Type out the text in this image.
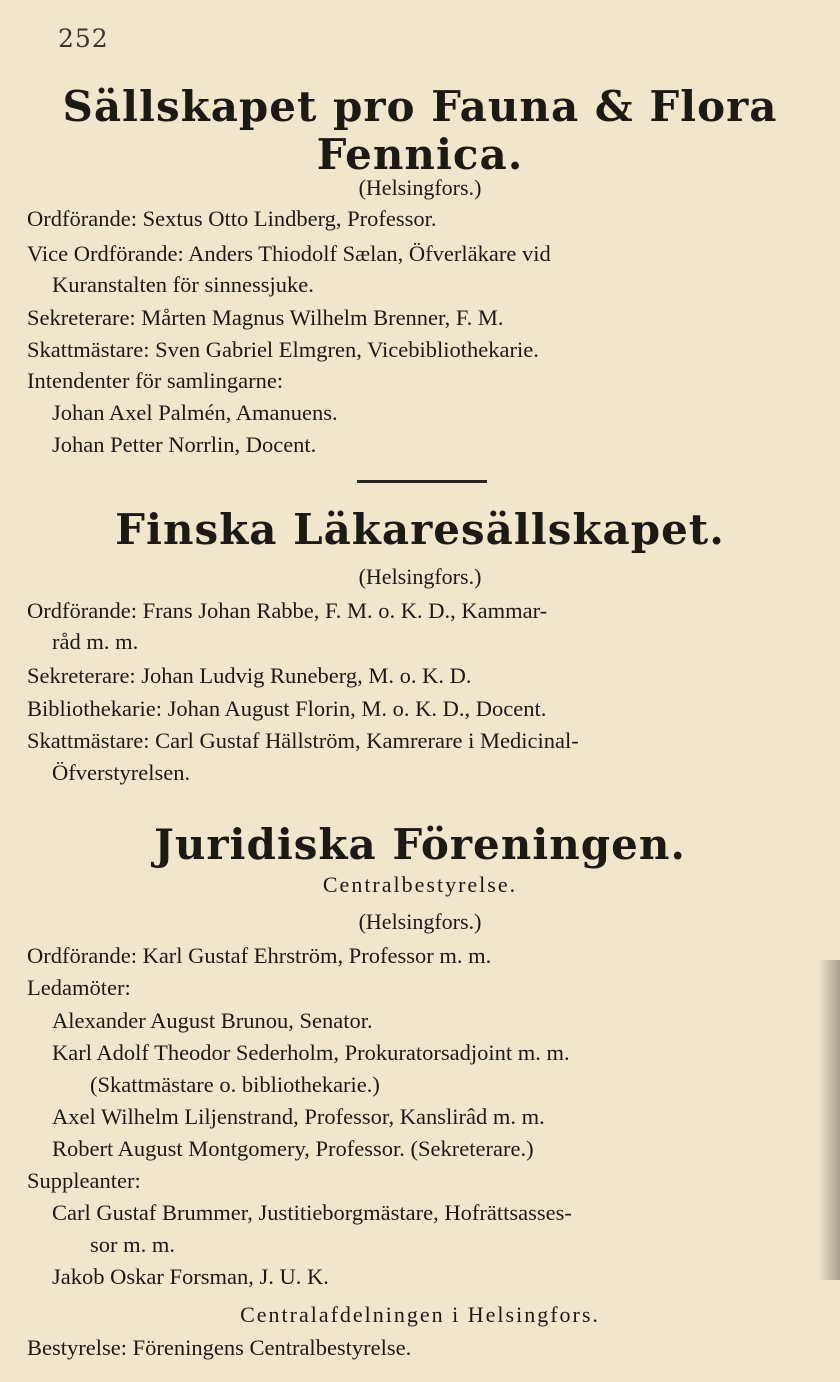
252
Sällskapet pro Fauna & Flora
Fennica.
(Helsingfors.)
Ordförande: Sextus Otto Lindberg, Professor.
Vice Ordförande: Anders Thiodolf Sælan, Öfverläkare vid
Kuranstalten för sinnessjuke.
Sekreterare: Mårten Magnus Wilhelm Brenner, F. M.
Skattmästare: Sven Gabriel Elmgren, Vicebibliothekarie.
Intendenter för samlingarne:
Johan Axel Palmén, Amanuens.
Johan Petter Norrlin, Docent.
Finska Läkaresällskapet.
(Helsingfors.)
Ordförande: Frans Johan Rabbe, F. M. o. K. D., Kammar-
råd m. m.
Sekreterare: Johan Ludvig Runeberg, M. o. K. D.
Bibliothekarie: Johan August Florin, M. o. K. D., Docent.
Skattmästare: Carl Gustaf Hällström, Kamrerare i Medicinal-
Öfverstyrelsen.
Juridiska Föreningen.
Centralbestyrelse.
(Helsingfors.)
Ordförande: Karl Gustaf Ehrström, Professor m. m.
Ledamöter:
Alexander August Brunou, Senator.
Karl Adolf Theodor Sederholm, Prokuratorsadjoint m. m.
(Skattmästare o. bibliothekarie.)
Axel Wilhelm Liljenstrand, Professor, Kanslirâd m. m.
Robert August Montgomery, Professor. (Sekreterare.)
Suppleanter:
Carl Gustaf Brummer, Justitieborgmästare, Hofrättsasses-
sor m. m.
Jakob Oskar Forsman, J. U. K.
Centralafdelningen i Helsingfors.
Bestyrelse: Föreningens Centralbestyrelse.
